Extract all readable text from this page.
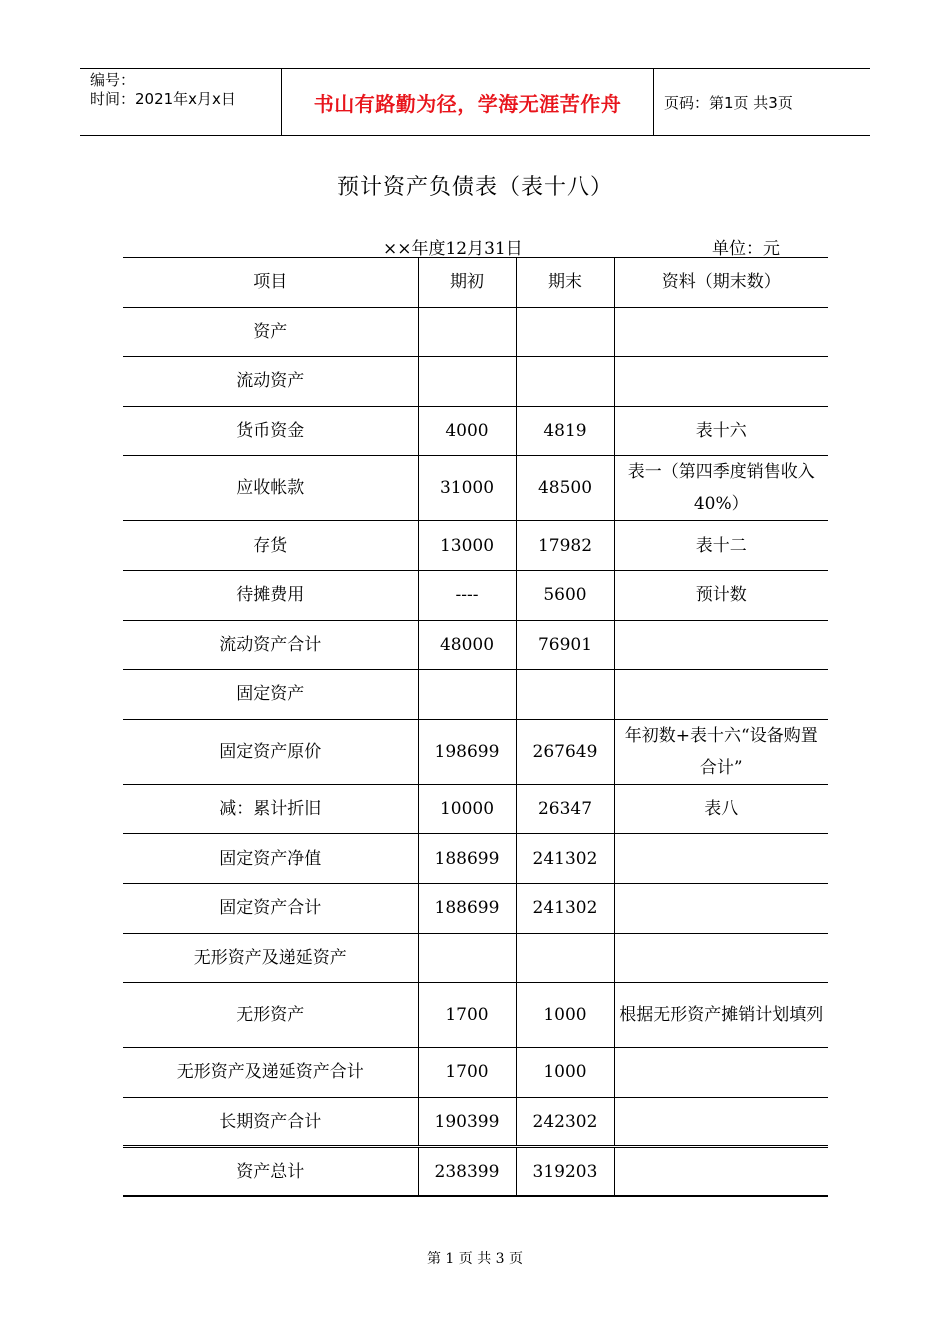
编号：
时间：2021年x月x日	书山有路勤为径，学海无涯苦作舟	页码：第1页 共3页
预计资产负债表（表十八）
××年度12月31日	单位：元
项目	期初	期末	资料（期末数）
资产			
流动资产			
货币资金	4000	4819	表十六
应收帐款	31000	48500	表一（第四季度销售收入40%）
存货	13000	17982	表十二
待摊费用	----	5600	预计数
流动资产合计	48000	76901	
固定资产			
固定资产原价	198699	267649	年初数+表十六“设备购置合计”
减：累计折旧	10000	26347	表八
固定资产净值	188699	241302	
固定资产合计	188699	241302	
无形资产及递延资产			
无形资产	1700	1000	根据无形资产摊销计划填列
无形资产及递延资产合计	1700	1000	
长期资产合计	190399	242302	
资产总计	238399	319203	
第 1 页 共 3 页
